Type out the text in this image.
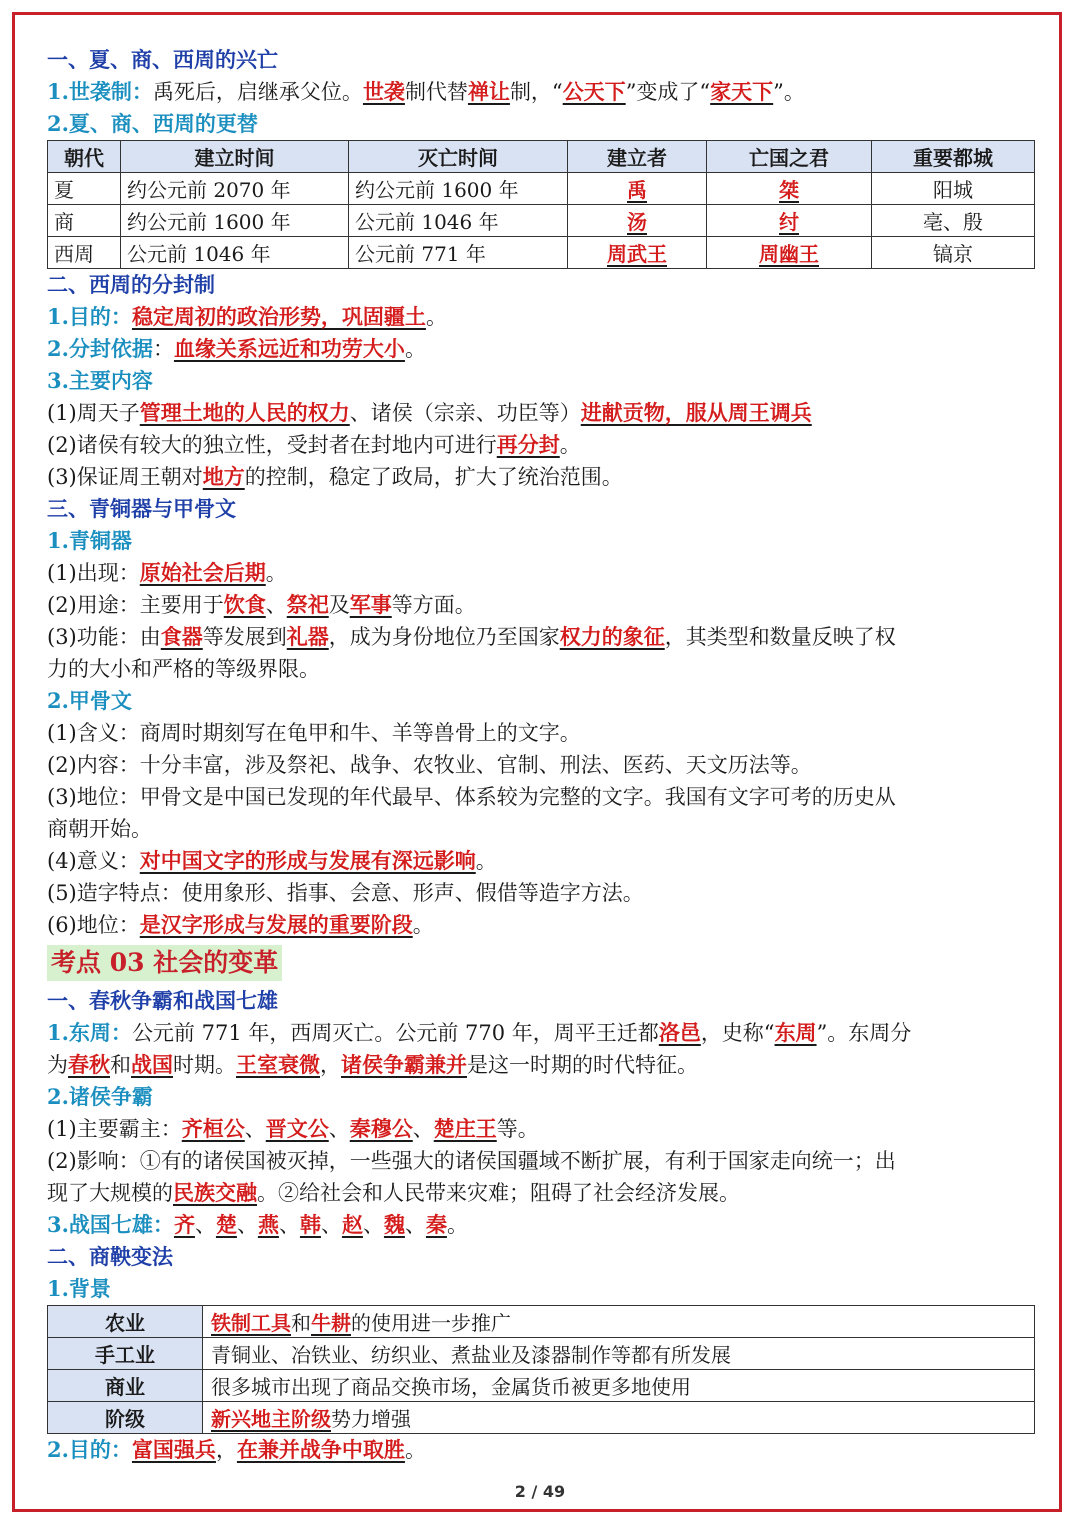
一、夏、商、西周的兴亡
1.世袭制：禹死后，启继承父位。世袭制代替禅让制，“公天下”变成了“家天下”。
2.夏、商、西周的更替
朝代	建立时间	灭亡时间	建立者	亡国之君	重要都城
夏	约公元前 2070 年	约公元前 1600 年	禹	桀	阳城
商	约公元前 1600 年	公元前 1046 年	汤	纣	亳、殷
西周	公元前 1046 年	公元前 771 年	周武王	周幽王	镐京
二、西周的分封制
1.目的：稳定周初的政治形势，巩固疆土。
2.分封依据：血缘关系远近和功劳大小。
3.主要内容
(1)周天子管理土地的人民的权力、诸侯（宗亲、功臣等）进献贡物，服从周王调兵
(2)诸侯有较大的独立性，受封者在封地内可进行再分封。
(3)保证周王朝对地方的控制，稳定了政局，扩大了统治范围。
三、青铜器与甲骨文
1.青铜器
(1)出现：原始社会后期。
(2)用途：主要用于饮食、祭祀及军事等方面。
(3)功能：由食器等发展到礼器，成为身份地位乃至国家权力的象征，其类型和数量反映了权
力的大小和严格的等级界限。
2.甲骨文
(1)含义：商周时期刻写在龟甲和牛、羊等兽骨上的文字。
(2)内容：十分丰富，涉及祭祀、战争、农牧业、官制、刑法、医药、天文历法等。
(3)地位：甲骨文是中国已发现的年代最早、体系较为完整的文字。我国有文字可考的历史从
商朝开始。
(4)意义：对中国文字的形成与发展有深远影响。
(5)造字特点：使用象形、指事、会意、形声、假借等造字方法。
(6)地位：是汉字形成与发展的重要阶段。
考点 03 社会的变革
一、春秋争霸和战国七雄
1.东周：公元前 771 年，西周灭亡。公元前 770 年，周平王迁都洛邑，史称“东周”。东周分
为春秋和战国时期。王室衰微，诸侯争霸兼并是这一时期的时代特征。
2.诸侯争霸
(1)主要霸主：齐桓公、晋文公、秦穆公、楚庄王等。
(2)影响：①有的诸侯国被灭掉，一些强大的诸侯国疆域不断扩展，有利于国家走向统一；出
现了大规模的民族交融。②给社会和人民带来灾难；阻碍了社会经济发展。
3.战国七雄：齐、楚、燕、韩、赵、魏、秦。
二、商鞅变法
1.背景
农业	铁制工具和牛耕的使用进一步推广
手工业	青铜业、冶铁业、纺织业、煮盐业及漆器制作等都有所发展
商业	很多城市出现了商品交换市场，金属货币被更多地使用
阶级	新兴地主阶级势力增强
2.目的：富国强兵，在兼并战争中取胜。
2 / 49
